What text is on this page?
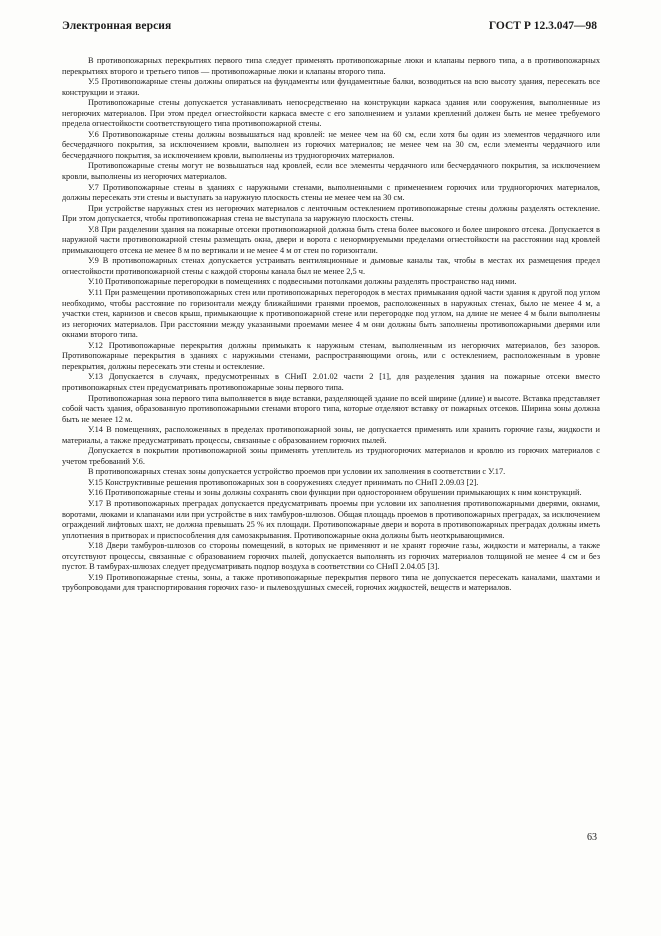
Электронная версия	ГОСТ Р 12.3.047—98

В противопожарных перекрытиях первого типа следует применять противопожарные люки и клапаны первого типа, а в противопожарных перекрытиях второго и третьего типов — противопожарные люки и клапаны второго типа.

У.5 Противопожарные стены должны опираться на фундаменты или фундаментные балки, возводиться на всю высоту здания, пересекать все конструкции и этажи.

Противопожарные стены допускается устанавливать непосредственно на конструкции каркаса здания или сооружения, выполненные из негорючих материалов. При этом предел огнестойкости каркаса вместе с его заполнением и узлами креплений должен быть не менее требуемого предела огнестойкости соответствующего типа противопожарной стены.

У.6 Противопожарные стены должны возвышаться над кровлей: не менее чем на 60 см, если хотя бы один из элементов чердачного или бесчердачного покрытия, за исключением кровли, выполнен из горючих материалов; не менее чем на 30 см, если элементы чердачного или бесчердачного покрытия, за исключением кровли, выполнены из трудногорючих материалов.

Противопожарные стены могут не возвышаться над кровлей, если все элементы чердачного или бесчердачного покрытия, за исключением кровли, выполнены из негорючих материалов.

У.7 Противопожарные стены в зданиях с наружными стенами, выполненными с применением горючих или трудногорючих материалов, должны пересекать эти стены и выступать за наружную плоскость стены не менее чем на 30 см.

При устройстве наружных стен из негорючих материалов с ленточным остеклением противопожарные стены должны разделять остекление. При этом допускается, чтобы противопожарная стена не выступала за наружную плоскость стены.

У.8 При разделении здания на пожарные отсеки противопожарной должна быть стена более высокого и более широкого отсека. Допускается в наружной части противопожарной стены размещать окна, двери и ворота с ненормируемыми пределами огнестойкости на расстоянии над кровлей примыкающего отсека не менее 8 м по вертикали и не менее 4 м от стен по горизонтали.

У.9 В противопожарных стенах допускается устраивать вентиляционные и дымовые каналы так, чтобы в местах их размещения предел огнестойкости противопожарной стены с каждой стороны канала был не менее 2,5 ч.

У.10 Противопожарные перегородки в помещениях с подвесными потолками должны разделять пространство над ними.

У.11 При размещении противопожарных стен или противопожарных перегородок в местах примыкания одной части здания к другой под углом необходимо, чтобы расстояние по горизонтали между ближайшими гранями проемов, расположенных в наружных стенах, было не менее 4 м, а участки стен, карнизов и свесов крыш, примыкающие к противопожарной стене или перегородке под углом, на длине не менее 4 м были выполнены из негорючих материалов. При расстоянии между указанными проемами менее 4 м они должны быть заполнены противопожарными дверями или окнами второго типа.

У.12 Противопожарные перекрытия должны примыкать к наружным стенам, выполненным из негорючих материалов, без зазоров. Противопожарные перекрытия в зданиях с наружными стенами, распространяющими огонь, или с остеклением, расположенным в уровне перекрытия, должны пересекать эти стены и остекление.

У.13 Допускается в случаях, предусмотренных в СНиП 2.01.02 части 2 [1], для разделения здания на пожарные отсеки вместо противопожарных стен предусматривать противопожарные зоны первого типа.

Противопожарная зона первого типа выполняется в виде вставки, разделяющей здание по всей ширине (длине) и высоте. Вставка представляет собой часть здания, образованную противопожарными стенами второго типа, которые отделяют вставку от пожарных отсеков. Ширина зоны должна быть не менее 12 м.

У.14 В помещениях, расположенных в пределах противопожарной зоны, не допускается применять или хранить горючие газы, жидкости и материалы, а также предусматривать процессы, связанные с образованием горючих пылей.

Допускается в покрытии противопожарной зоны применять утеплитель из трудногорючих материалов и кровлю из горючих материалов с учетом требований У.6.

В противопожарных стенах зоны допускается устройство проемов при условии их заполнения в соответствии с У.17.

У.15 Конструктивные решения противопожарных зон в сооружениях следует принимать по СНиП 2.09.03 [2].

У.16 Противопожарные стены и зоны должны сохранять свои функции при одностороннем обрушении примыкающих к ним конструкций.

У.17 В противопожарных преградах допускается предусматривать проемы при условии их заполнения противопожарными дверями, окнами, воротами, люками и клапанами или при устройстве в них тамбуров-шлюзов. Общая площадь проемов в противопожарных преградах, за исключением ограждений лифтовых шахт, не должна превышать 25 % их площади. Противопожарные двери и ворота в противопожарных преградах должны иметь уплотнения в притворах и приспособления для самозакрывания. Противопожарные окна должны быть неоткрывающимися.

У.18 Двери тамбуров-шлюзов со стороны помещений, в которых не применяют и не хранят горючие газы, жидкости и материалы, а также отсутствуют процессы, связанные с образованием горючих пылей, допускается выполнять из горючих материалов толщиной не менее 4 см и без пустот. В тамбурах-шлюзах следует предусматривать подпор воздуха в соответствии со СНиП 2.04.05 [3].

У.19 Противопожарные стены, зоны, а также противопожарные перекрытия первого типа не допускается пересекать каналами, шахтами и трубопроводами для транспортирования горючих газо- и пылевоздушных смесей, горючих жидкостей, веществ и материалов.

63
